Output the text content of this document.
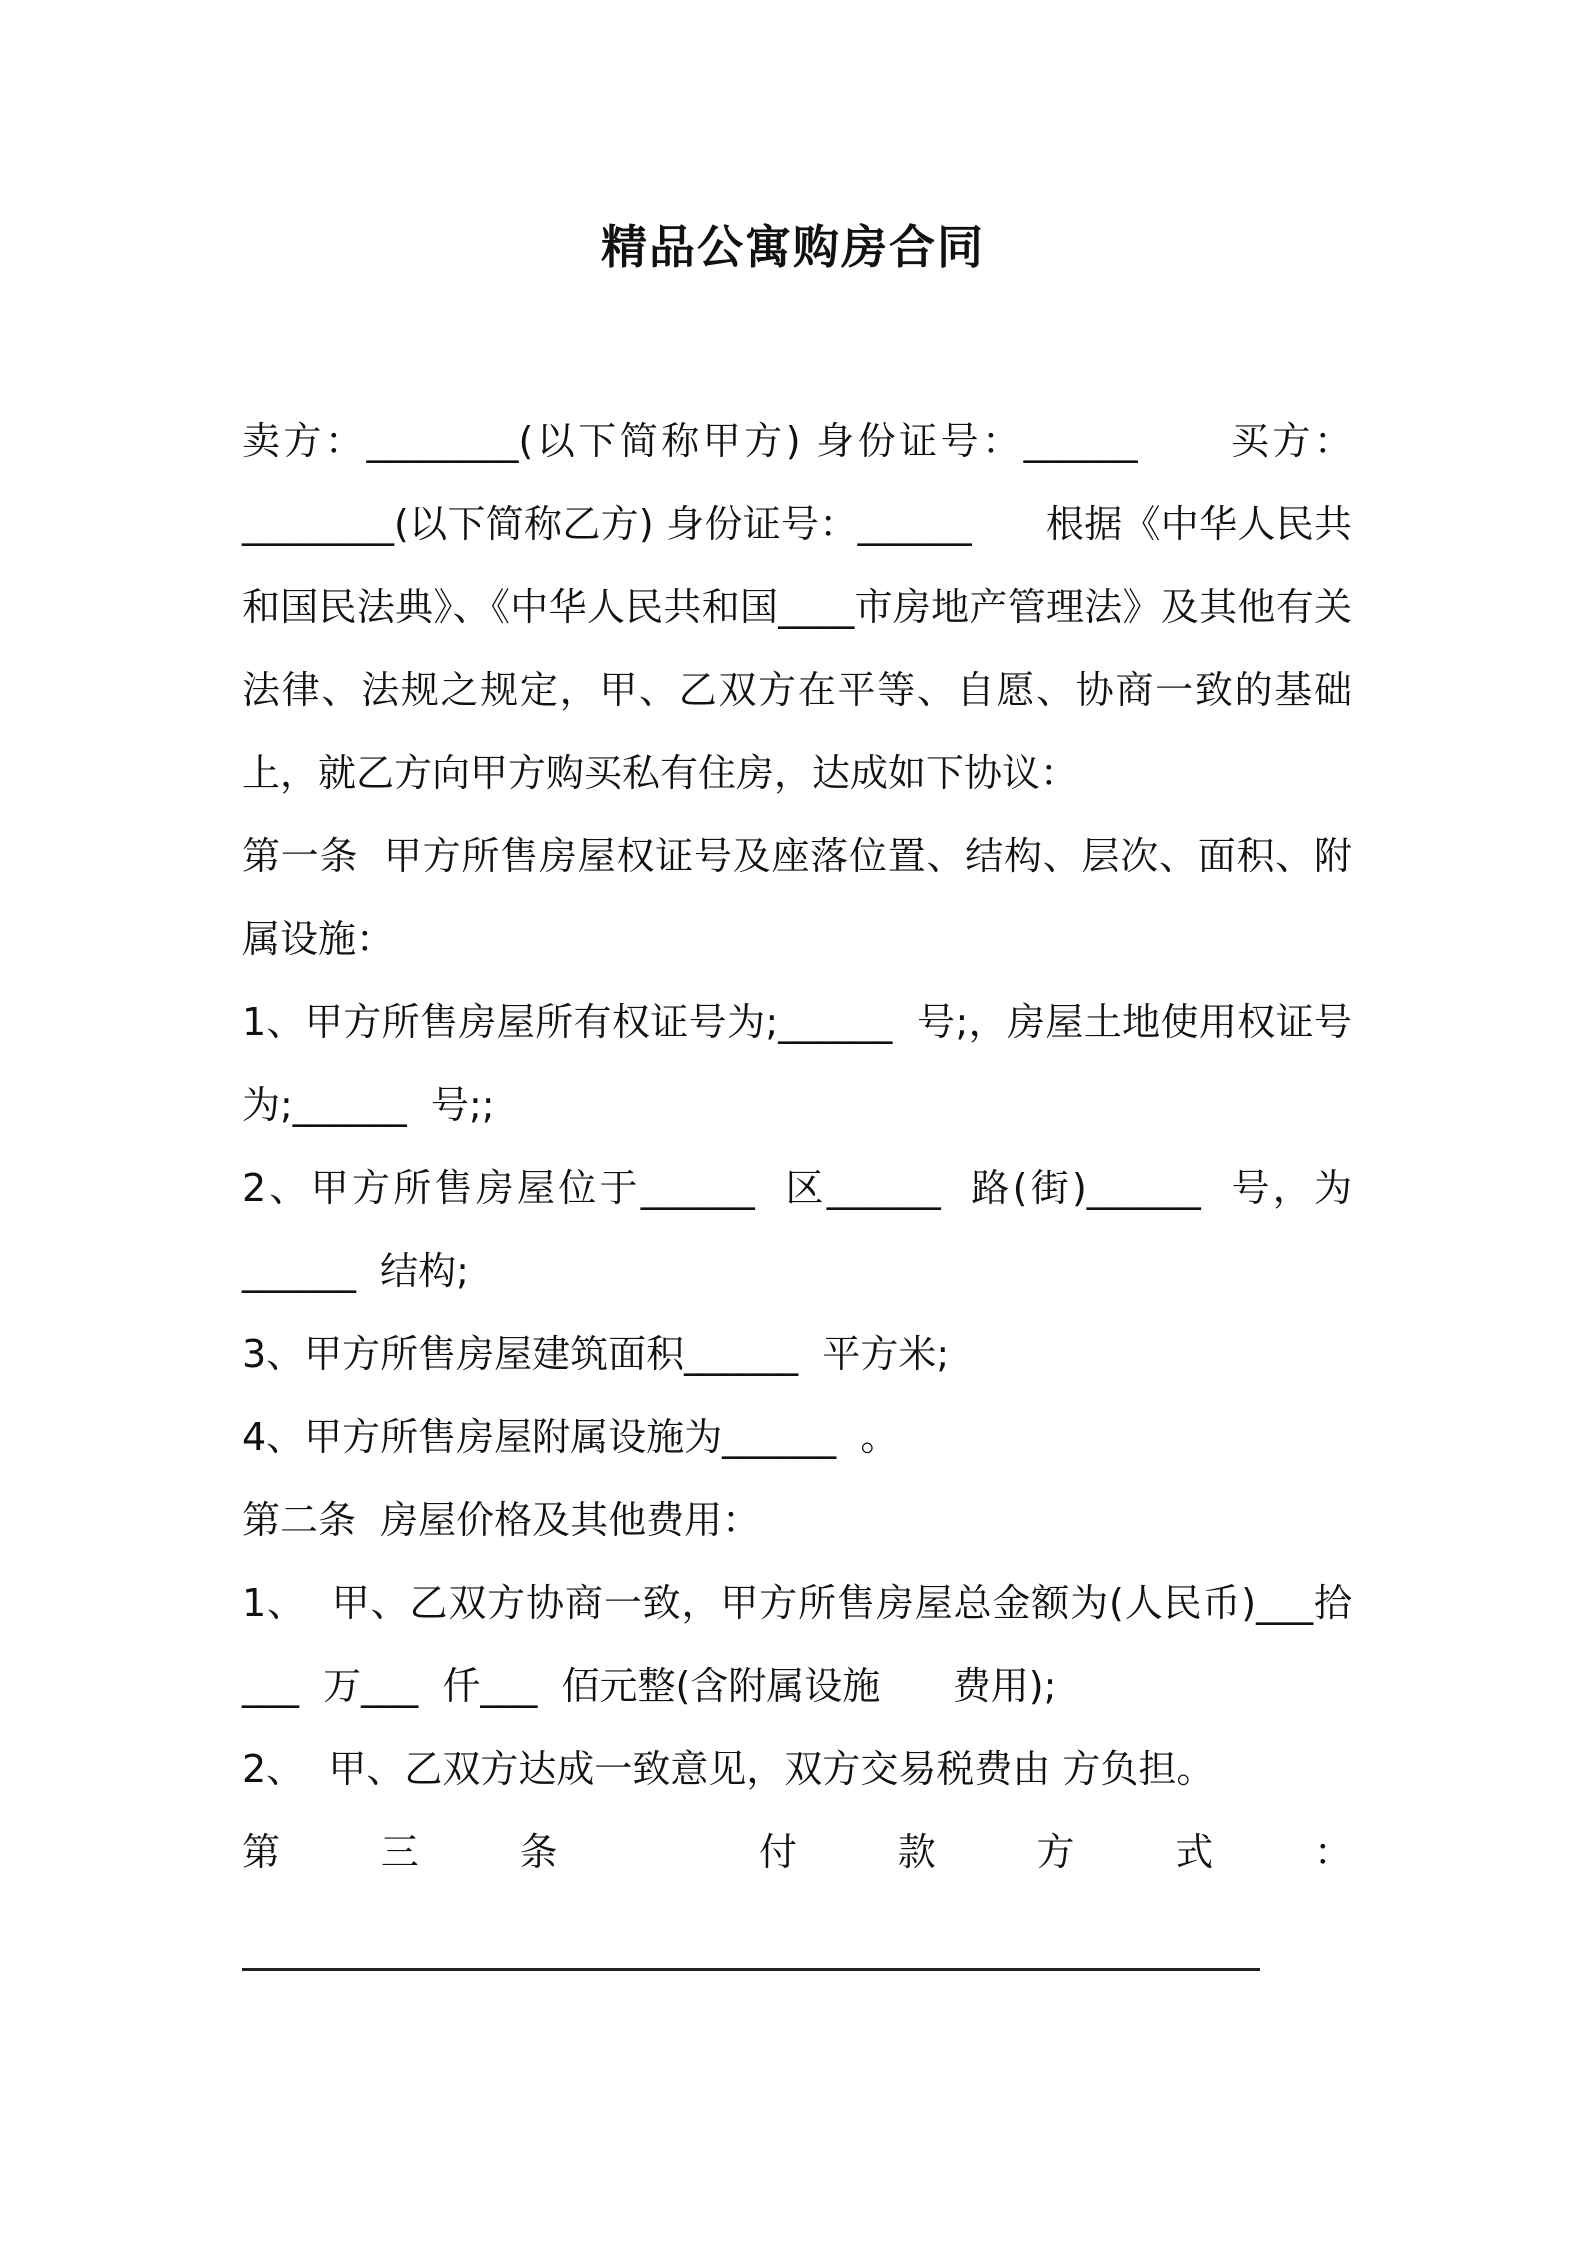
精品公寓购房合同

卖方：________(以下简称甲方) 身份证号：______      买方：________(以下简称乙方) 身份证号：______      根据《中华人民共和国民法典》、《中华人民共和国____市房地产管理法》及其他有关法律、法规之规定，甲、乙双方在平等、自愿、协商一致的基础上，就乙方向甲方购买私有住房，达成如下协议：

第一条  甲方所售房屋权证号及座落位置、结构、层次、面积、附属设施：

1、甲方所售房屋所有权证号为;______  号;，房屋土地使用权证号为;______  号;;

2、甲方所售房屋位于______  区______  路(街)______  号，为______  结构;

3、甲方所售房屋建筑面积______  平方米;

4、甲方所售房屋附属设施为______  。

第二条  房屋价格及其他费用：

1、  甲、乙双方协商一致，甲方所售房屋总金额为(人民币)___拾___  万___  仟___  佰元整(含附属设施      费用);

2、  甲、乙双方达成一致意见，双方交易税费由 方负担。

第	三	条	付	款	方	式	：
